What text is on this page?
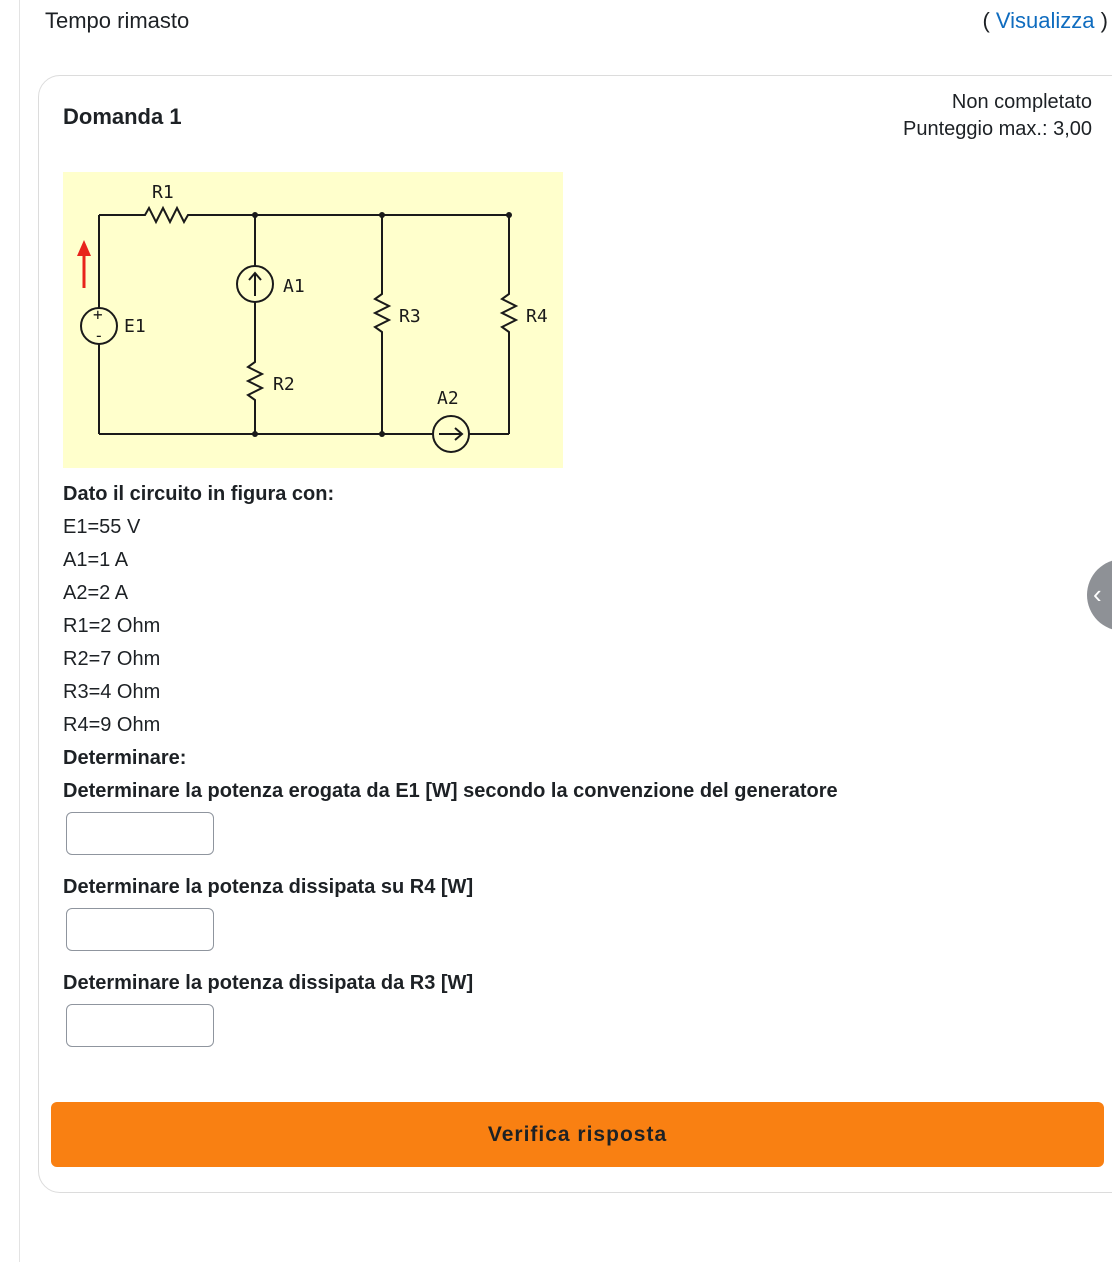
Tempo rimasto	( Visualizza )
Domanda 1
Non completato
Punteggio max.: 3,00
R1
A1
E1	R3	R4
R2
A2
+
-
Dato il circuito in figura con:
E1=55 V
A1=1 A
A2=2 A
R1=2 Ohm
R2=7 Ohm
R3=4 Ohm
R4=9 Ohm
Determinare:
Determinare la potenza erogata da E1 [W] secondo la convenzione del generatore
Determinare la potenza dissipata su R4 [W]
Determinare la potenza dissipata da R3 [W]
Verifica risposta
‹
